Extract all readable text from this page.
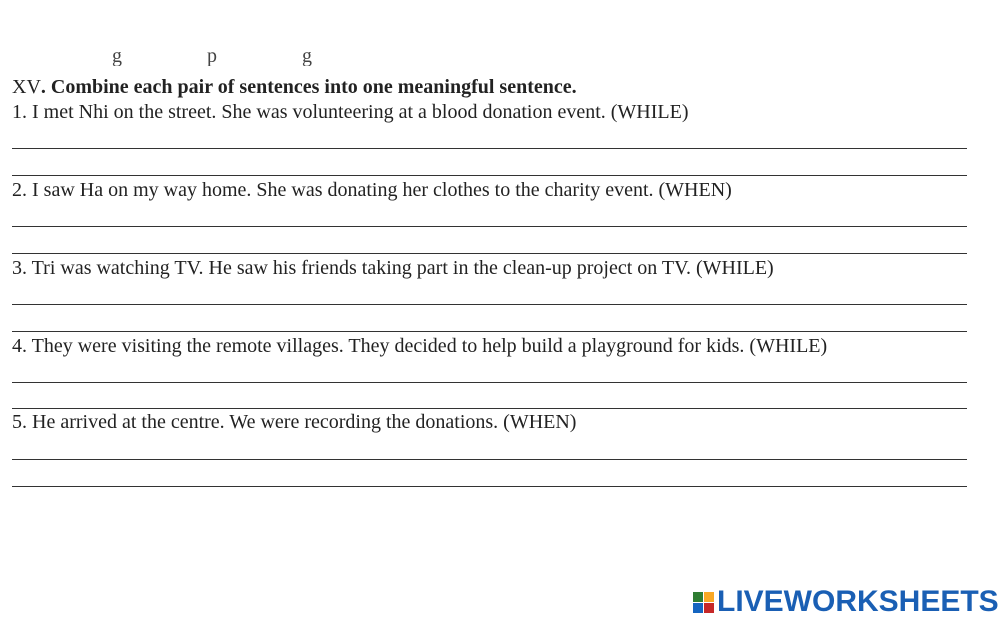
g p g
XV. Combine each pair of sentences into one meaningful sentence.
1. I met Nhi on the street. She was volunteering at a blood donation event. (WHILE)
2. I saw Ha on my way home. She was donating her clothes to the charity event. (WHEN)
3. Tri was watching TV. He saw his friends taking part in the clean-up project on TV. (WHILE)
4. They were visiting the remote villages. They decided to help build a playground for kids. (WHILE)
5. He arrived at the centre. We were recording the donations. (WHEN)
LIVEWORKSHEETS
